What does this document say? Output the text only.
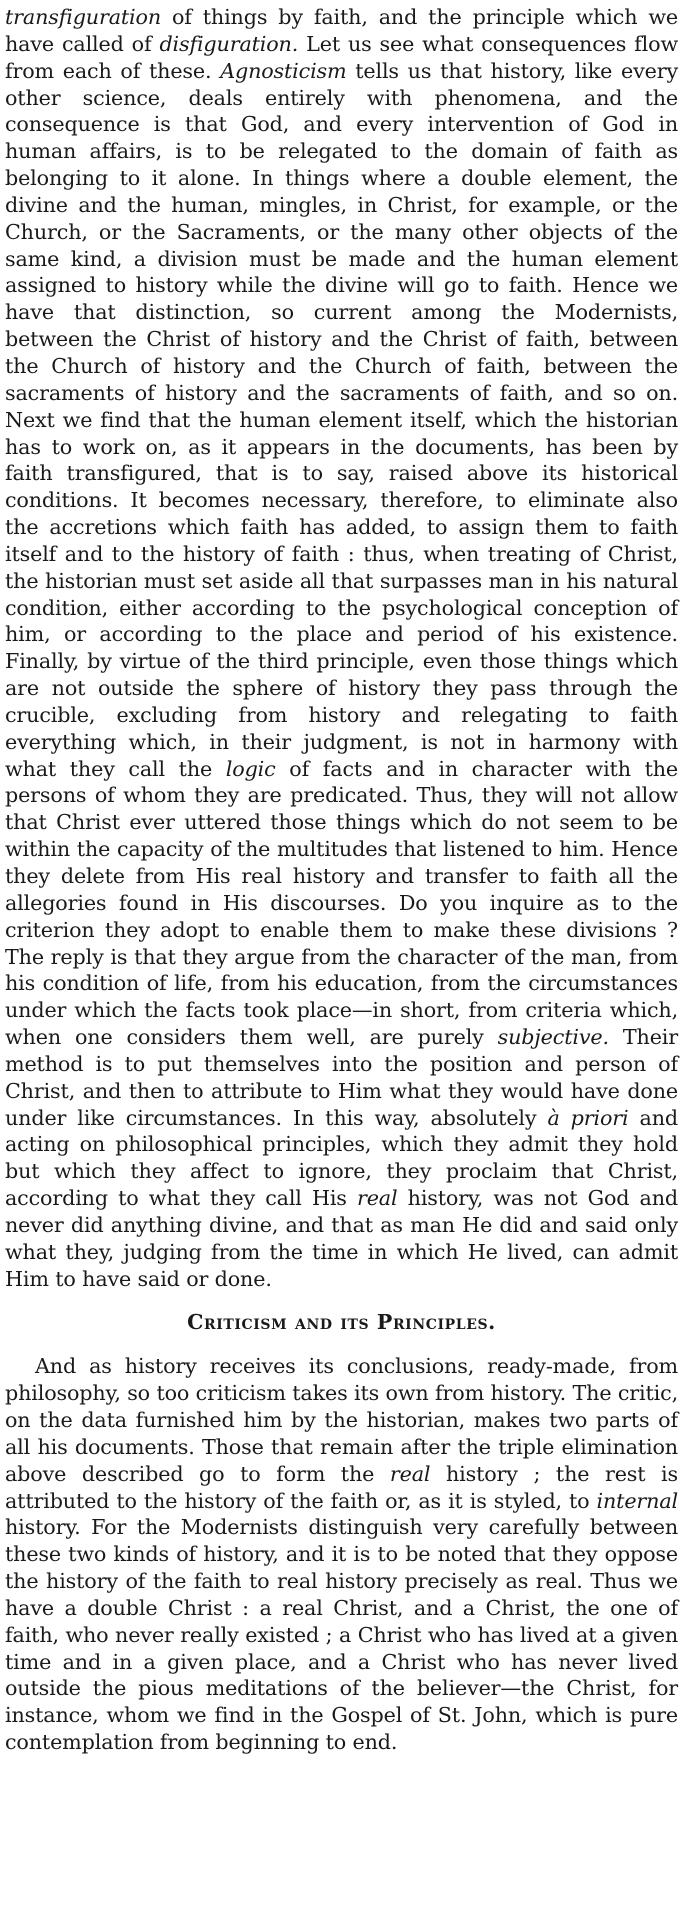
transfiguration of things by faith, and the principle which we have called of disfiguration. Let us see what consequences flow from each of these. Agnosticism tells us that history, like every other science, deals entirely with phenomena, and the consequence is that God, and every intervention of God in human affairs, is to be relegated to the domain of faith as belonging to it alone. In things where a double element, the divine and the human, mingles, in Christ, for example, or the Church, or the Sacraments, or the many other objects of the same kind, a division must be made and the human element assigned to history while the divine will go to faith. Hence we have that distinction, so current among the Modernists, between the Christ of history and the Christ of faith, between the Church of history and the Church of faith, between the sacraments of history and the sacraments of faith, and so on. Next we find that the human element itself, which the historian has to work on, as it appears in the documents, has been by faith transfigured, that is to say, raised above its historical conditions. It becomes necessary, therefore, to eliminate also the accretions which faith has added, to assign them to faith itself and to the history of faith : thus, when treating of Christ, the historian must set aside all that surpasses man in his natural condition, either according to the psychological conception of him, or according to the place and period of his existence. Finally, by virtue of the third principle, even those things which are not outside the sphere of history they pass through the crucible, excluding from history and relegating to faith everything which, in their judgment, is not in harmony with what they call the logic of facts and in character with the persons of whom they are predicated. Thus, they will not allow that Christ ever uttered those things which do not seem to be within the capacity of the multitudes that listened to him. Hence they delete from His real history and transfer to faith all the allegories found in His discourses. Do you inquire as to the criterion they adopt to enable them to make these divisions ? The reply is that they argue from the character of the man, from his condition of life, from his education, from the circumstances under which the facts took place—in short, from criteria which, when one considers them well, are purely subjective. Their method is to put themselves into the position and person of Christ, and then to attribute to Him what they would have done under like circumstances. In this way, absolutely à priori and acting on philosophical principles, which they admit they hold but which they affect to ignore, they proclaim that Christ, according to what they call His real history, was not God and never did anything divine, and that as man He did and said only what they, judging from the time in which He lived, can admit Him to have said or done.

Criticism and its Principles.

And as history receives its conclusions, ready-made, from philosophy, so too criticism takes its own from history. The critic, on the data furnished him by the historian, makes two parts of all his documents. Those that remain after the triple elimination above described go to form the real history ; the rest is attributed to the history of the faith or, as it is styled, to internal history. For the Modernists distinguish very carefully between these two kinds of history, and it is to be noted that they oppose the history of the faith to real history precisely as real. Thus we have a double Christ : a real Christ, and a Christ, the one of faith, who never really existed ; a Christ who has lived at a given time and in a given place, and a Christ who has never lived outside the pious meditations of the believer—the Christ, for instance, whom we find in the Gospel of St. John, which is pure contemplation from beginning to end.
